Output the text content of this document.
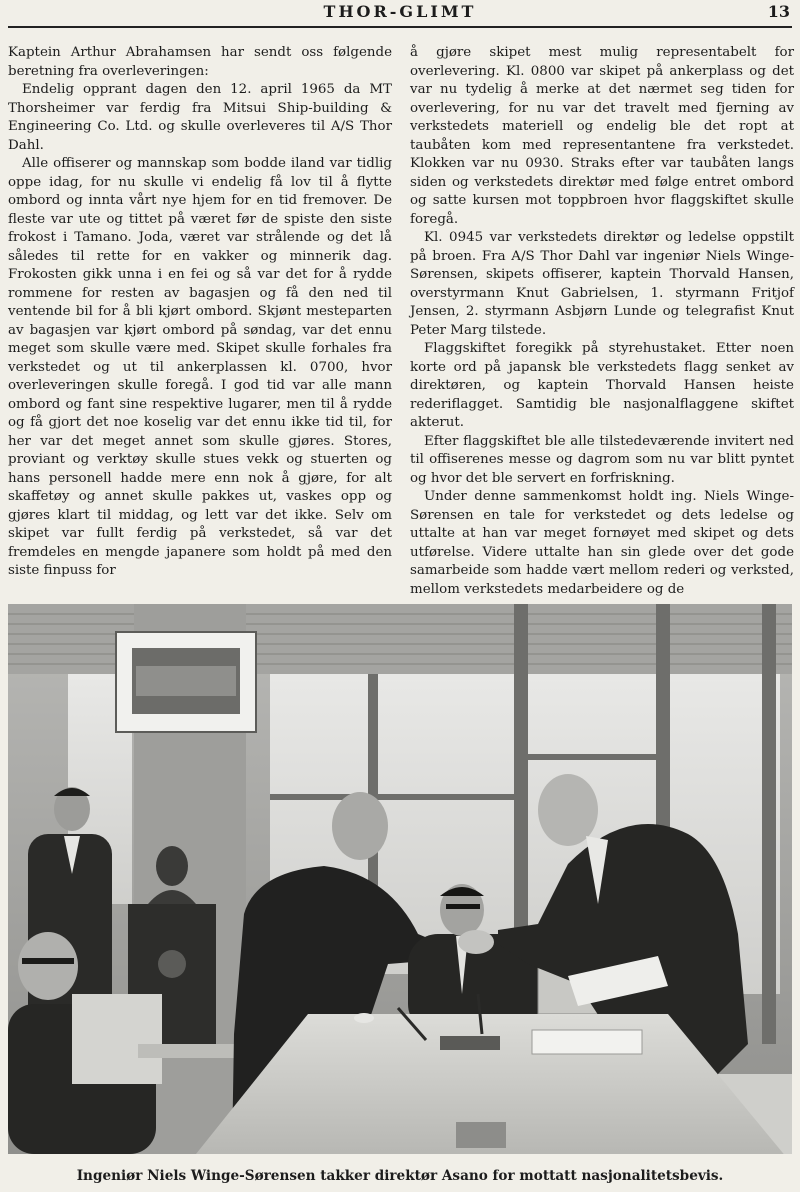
THOR-GLIMT	13

Kaptein Arthur Abrahamsen har sendt oss følgende beretning fra overleveringen:

Endelig opprant dagen den 12. april 1965 da MT Thorsheimer var ferdig fra Mitsui Ship-building & Engineering Co. Ltd. og skulle overleveres til A/S Thor Dahl.

Alle offiserer og mannskap som bodde iland var tidlig oppe idag, for nu skulle vi endelig få lov til å flytte ombord og innta vårt nye hjem for en tid fremover. De fleste var ute og tittet på været før de spiste den siste frokost i Tamano. Joda, været var strålende og det lå således til rette for en vakker og minnerik dag. Frokosten gikk unna i en fei og så var det for å rydde rommene for resten av bagasjen og få den ned til ventende bil for å bli kjørt ombord. Skjønt mesteparten av bagasjen var kjørt ombord på søndag, var det ennu meget som skulle være med. Skipet skulle forhales fra verkstedet og ut til ankerplassen kl. 0700, hvor overleveringen skulle foregå. I god tid var alle mann ombord og fant sine respektive lugarer, men til å rydde og få gjort det noe koselig var det ennu ikke tid til, for her var det meget annet som skulle gjøres. Stores, proviant og verktøy skulle stues vekk og stuerten og hans personell hadde mere enn nok å gjøre, for alt skaffetøy og annet skulle pakkes ut, vaskes opp og gjøres klart til middag, og lett var det ikke. Selv om skipet var fullt ferdig på verkstedet, så var det fremdeles en mengde japanere som holdt på med den siste finpuss for

å gjøre skipet mest mulig representabelt for overlevering. Kl. 0800 var skipet på ankerplass og det var nu tydelig å merke at det nærmet seg tiden for overlevering, for nu var det travelt med fjerning av verkstedets materiell og endelig ble det ropt at taubåten kom med representantene fra verkstedet. Klokken var nu 0930. Straks efter var taubåten langs siden og verkstedets direktør med følge entret ombord og satte kursen mot toppbroen hvor flaggskiftet skulle foregå.

Kl. 0945 var verkstedets direktør og ledelse oppstilt på broen. Fra A/S Thor Dahl var ingeniør Niels Winge-Sørensen, skipets offiserer, kaptein Thorvald Hansen, overstyrmann Knut Gabrielsen, 1. styrmann Fritjof Jensen, 2. styrmann Asbjørn Lunde og telegrafist Knut Peter Marg tilstede.

Flaggskiftet foregikk på styrehustaket. Etter noen korte ord på japansk ble verkstedets flagg senket av direktøren, og kaptein Thorvald Hansen heiste rederiflagget. Samtidig ble nasjonalflaggene skiftet akterut.

Efter flaggskiftet ble alle tilstedeværende invitert ned til offiserenes messe og dagrom som nu var blitt pyntet og hvor det ble servert en forfriskning.

Under denne sammenkomst holdt ing. Niels Winge-Sørensen en tale for verkstedet og dets ledelse og uttalte at han var meget fornøyet med skipet og dets utførelse. Videre uttalte han sin glede over det gode samarbeide som hadde vært mellom rederi og verksted, mellom verkstedets medarbeidere og de

Ingeniør Niels Winge-Sørensen takker direktør Asano for mottatt nasjonalitetsbevis.
